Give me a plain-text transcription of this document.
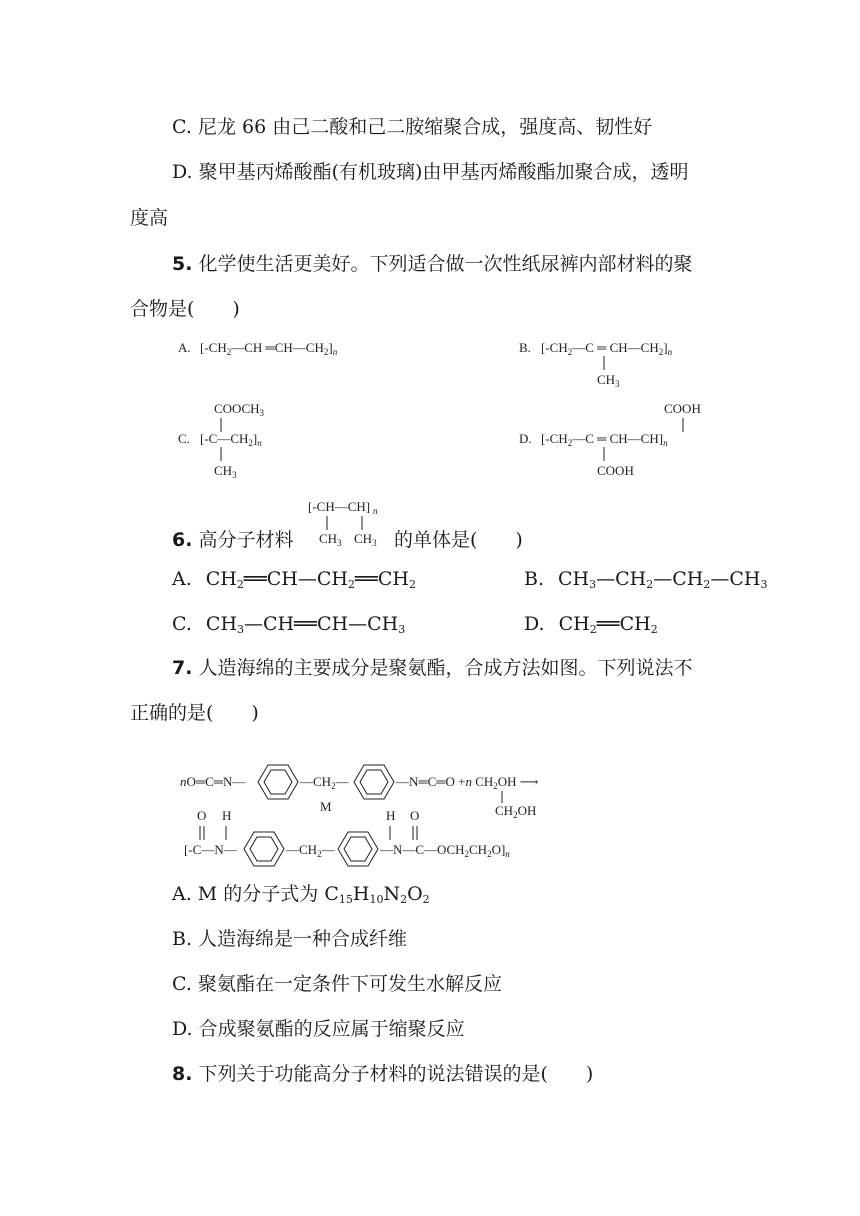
C. 尼龙 66 由己二酸和己二胺缩聚合成，强度高、韧性好
D. 聚甲基丙烯酸酯(有机玻璃)由甲基丙烯酸酯加聚合成，透明
度高
5. 化学使生活更美好。下列适合做一次性纸尿裤内部材料的聚
合物是(　　)
A. [$-CH_2—CH$ $═CH—CH_2]_n$	B. [$-CH_2—C$ ═ $CH—CH_2]_n$
$CH_3$
$COOCH_3$
C. $[-C—CH_2]_n$
$CH_3$
COOH
D. [$-CH_2—C$ ═ $CH—CH]_n$
COOH
[-CH—CH] n
$CH_3$ $CH_3$
nO═C═N—	$—CH_2—$
M
—N═C═O +n $CH_2OH$ ⟶
$CH_2OH$
O H
[-C—N—	$—CH_2—$
H O
$—N—C—OCH_2CH_2O]_n$
6. 高分子材料	的单体是(　　)
A. $CH_2══CH—CH_2══CH_2$	B. $CH_3—CH_2—CH_2—CH_3$
C. $CH_3—CH══CH—CH_3$	D. $CH_2══CH_2$
7. 人造海绵的主要成分是聚氨酯，合成方法如图。下列说法不
正确的是(　　)
A. M 的分子式为 $C_{15}H_{10}N_2O_2$
B. 人造海绵是一种合成纤维
C. 聚氨酯在一定条件下可发生水解反应
D. 合成聚氨酯的反应属于缩聚反应
8. 下列关于功能高分子材料的说法错误的是(　　)
